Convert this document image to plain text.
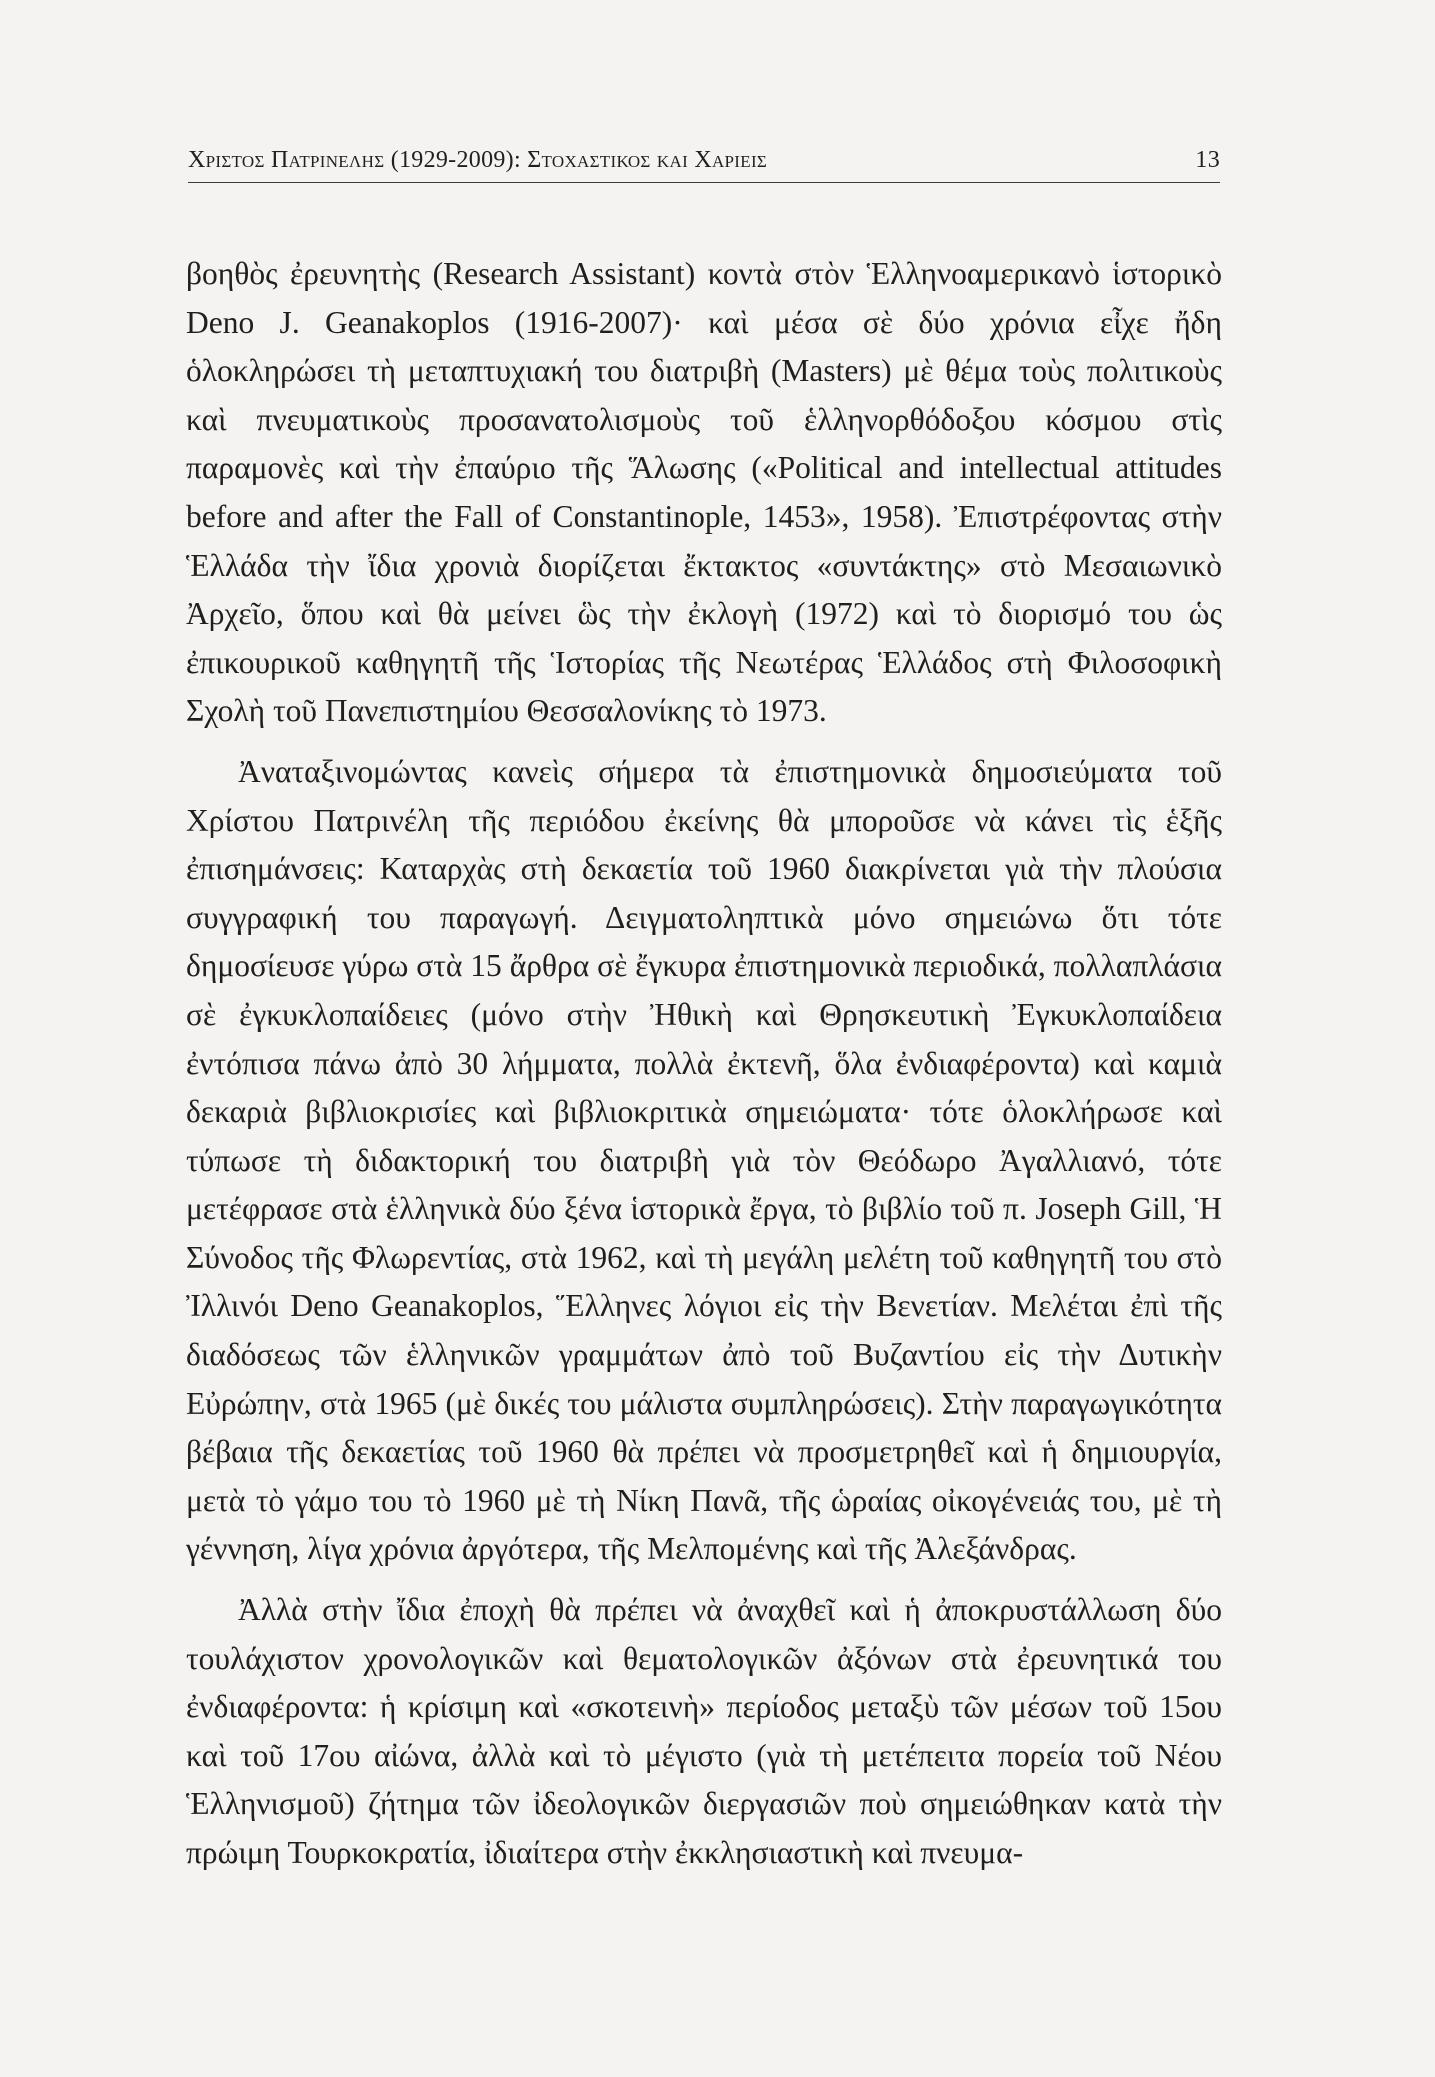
Χριστος Πατρινελης (1929-2009): Στοχαστικος και Χαριεις	13

βοηθὸς ἐρευνητὴς (Research Assistant) κοντὰ στὸν Ἑλληνοαμερικανὸ ἱστορικὸ Deno J. Geanakoplos (1916-2007)· καὶ μέσα σὲ δύο χρόνια εἶχε ἤδη ὁλοκληρώσει τὴ μεταπτυχιακή του διατριβὴ (Masters) μὲ θέμα τοὺς πολιτικοὺς καὶ πνευματικοὺς προσανατολισμοὺς τοῦ ἑλληνορθόδοξου κόσμου στὶς παραμονὲς καὶ τὴν ἐπαύριο τῆς Ἅλωσης («Political and intellectual attitudes before and after the Fall of Constantinople, 1453», 1958). Ἐπιστρέφοντας στὴν Ἑλλάδα τὴν ἴδια χρονιὰ διορίζεται ἔκτακτος «συντάκτης» στὸ Μεσαιωνικὸ Ἀρχεῖο, ὅπου καὶ θὰ μείνει ὣς τὴν ἐκλογὴ (1972) καὶ τὸ διορισμό του ὡς ἐπικουρικοῦ καθηγητῆ τῆς Ἱστορίας τῆς Νεωτέρας Ἑλλάδος στὴ Φιλοσοφικὴ Σχολὴ τοῦ Πανεπιστημίου Θεσσαλονίκης τὸ 1973.

Ἀναταξινομώντας κανεὶς σήμερα τὰ ἐπιστημονικὰ δημοσιεύματα τοῦ Χρίστου Πατρινέλη τῆς περιόδου ἐκείνης θὰ μποροῦσε νὰ κάνει τὶς ἑξῆς ἐπισημάνσεις: Καταρχὰς στὴ δεκαετία τοῦ 1960 διακρίνεται γιὰ τὴν πλούσια συγγραφική του παραγωγή. Δειγματοληπτικὰ μόνο σημειώνω ὅτι τότε δημοσίευσε γύρω στὰ 15 ἄρθρα σὲ ἔγκυρα ἐπιστημονικὰ περιοδικά, πολλαπλάσια σὲ ἐγκυκλοπαίδειες (μόνο στὴν Ἠθικὴ καὶ Θρησκευτικὴ Ἐγκυκλοπαίδεια ἐντόπισα πάνω ἀπὸ 30 λήμματα, πολλὰ ἐκτενῆ, ὅλα ἐνδιαφέροντα) καὶ καμιὰ δεκαριὰ βιβλιοκρισίες καὶ βιβλιοκριτικὰ σημειώματα· τότε ὁλοκλήρωσε καὶ τύπωσε τὴ διδακτορική του διατριβὴ γιὰ τὸν Θεόδωρο Ἀγαλλιανό, τότε μετέφρασε στὰ ἑλληνικὰ δύο ξένα ἱστορικὰ ἔργα, τὸ βιβλίο τοῦ π. Joseph Gill, Ἡ Σύνοδος τῆς Φλωρεντίας, στὰ 1962, καὶ τὴ μεγάλη μελέτη τοῦ καθηγητῆ του στὸ Ἰλλινόι Deno Geanakoplos, Ἕλληνες λόγιοι εἰς τὴν Βενετίαν. Μελέται ἐπὶ τῆς διαδόσεως τῶν ἑλληνικῶν γραμμάτων ἀπὸ τοῦ Βυζαντίου εἰς τὴν Δυτικὴν Εὐρώπην, στὰ 1965 (μὲ δικές του μάλιστα συμπληρώσεις). Στὴν παραγωγικότητα βέβαια τῆς δεκαετίας τοῦ 1960 θὰ πρέπει νὰ προσμετρηθεῖ καὶ ἡ δημιουργία, μετὰ τὸ γάμο του τὸ 1960 μὲ τὴ Νίκη Πανᾶ, τῆς ὡραίας οἰκογένειάς του, μὲ τὴ γέννηση, λίγα χρόνια ἀργότερα, τῆς Μελπομένης καὶ τῆς Ἀλεξάνδρας.

Ἀλλὰ στὴν ἴδια ἐποχὴ θὰ πρέπει νὰ ἀναχθεῖ καὶ ἡ ἀποκρυστάλλωση δύο τουλάχιστον χρονολογικῶν καὶ θεματολογικῶν ἀξόνων στὰ ἐρευνητικά του ἐνδιαφέροντα: ἡ κρίσιμη καὶ «σκοτεινὴ» περίοδος μεταξὺ τῶν μέσων τοῦ 15ου καὶ τοῦ 17ου αἰώνα, ἀλλὰ καὶ τὸ μέγιστο (γιὰ τὴ μετέπειτα πορεία τοῦ Νέου Ἑλληνισμοῦ) ζήτημα τῶν ἰδεολογικῶν διεργασιῶν ποὺ σημειώθηκαν κατὰ τὴν πρώιμη Τουρκοκρατία, ἰδιαίτερα στὴν ἐκκλησιαστικὴ καὶ πνευμα-
